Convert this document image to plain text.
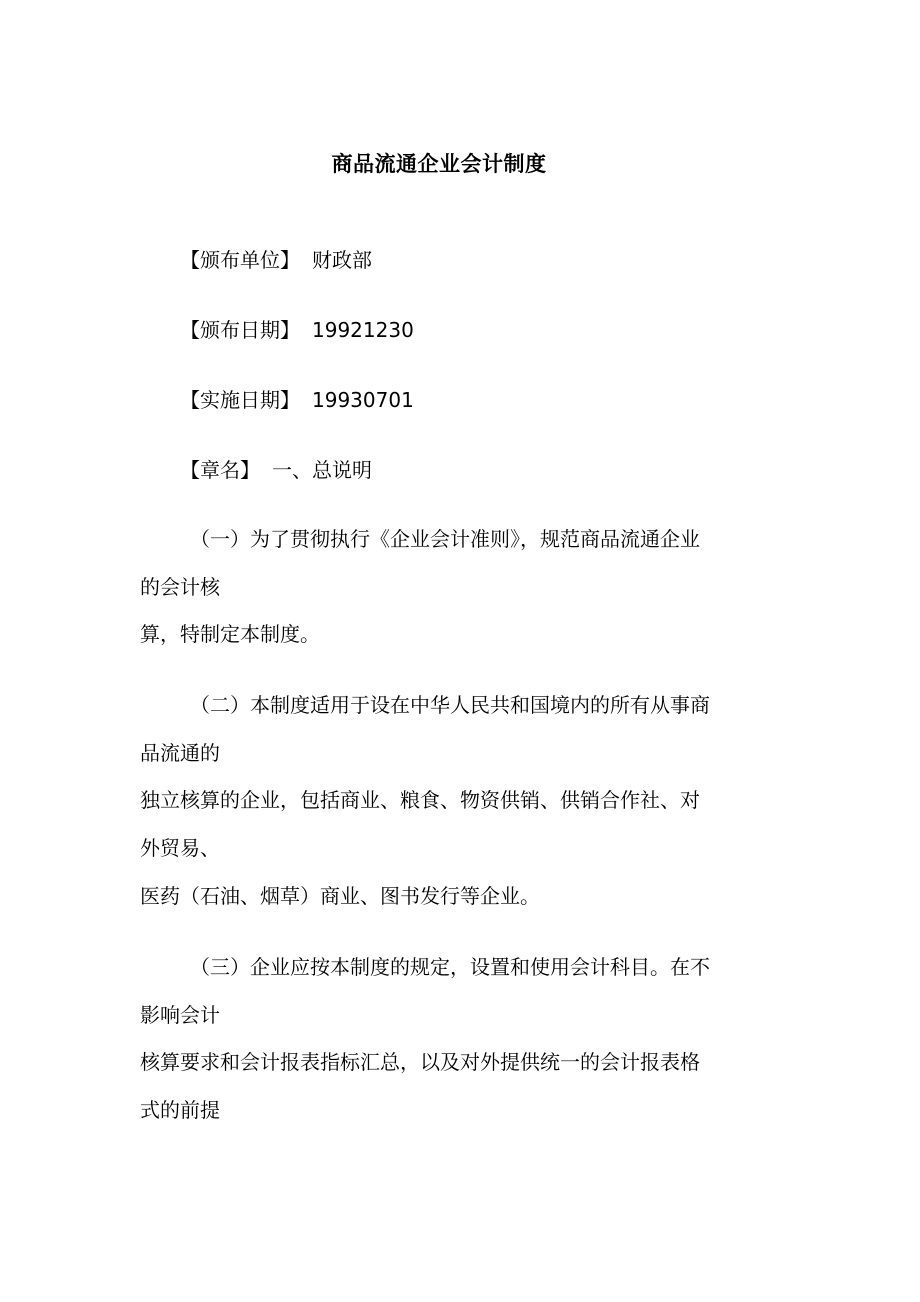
商品流通企业会计制度
【颁布单位】 财政部
【颁布日期】 19921230
【实施日期】 19930701
【章名】 一、总说明
（一）为了贯彻执行《企业会计准则》，规范商品流通企业
的会计核
算，特制定本制度。
（二）本制度适用于设在中华人民共和国境内的所有从事商
品流通的
独立核算的企业，包括商业、粮食、物资供销、供销合作社、对
外贸易、
医药（石油、烟草）商业、图书发行等企业。
（三）企业应按本制度的规定，设置和使用会计科目。在不
影响会计
核算要求和会计报表指标汇总，以及对外提供统一的会计报表格
式的前提
